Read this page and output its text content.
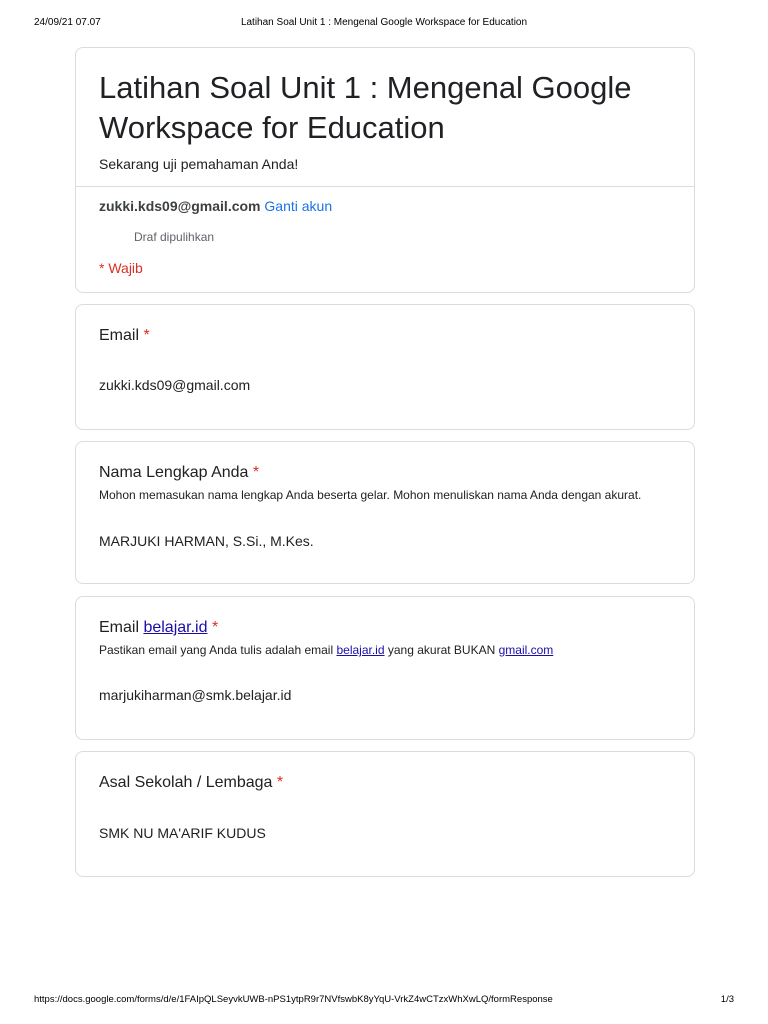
24/09/21 07.07	Latihan Soal Unit 1 : Mengenal Google Workspace for Education
Latihan Soal Unit 1 : Mengenal Google Workspace for Education
Sekarang uji pemahaman Anda!
zukki.kds09@gmail.com Ganti akun
Draf dipulihkan
* Wajib
Email *
zukki.kds09@gmail.com
Nama Lengkap Anda *
Mohon memasukan nama lengkap Anda beserta gelar. Mohon menuliskan nama Anda dengan akurat.
MARJUKI HARMAN, S.Si., M.Kes.
Email belajar.id *
Pastikan email yang Anda tulis adalah email belajar.id yang akurat BUKAN gmail.com
marjukiharman@smk.belajar.id
Asal Sekolah / Lembaga *
SMK NU MA'ARIF KUDUS
https://docs.google.com/forms/d/e/1FAIpQLSeyvkUWB-nPS1ytpR9r7NVfswbK8yYqU-VrkZ4wCTzxWhXwLQ/formResponse	1/3
